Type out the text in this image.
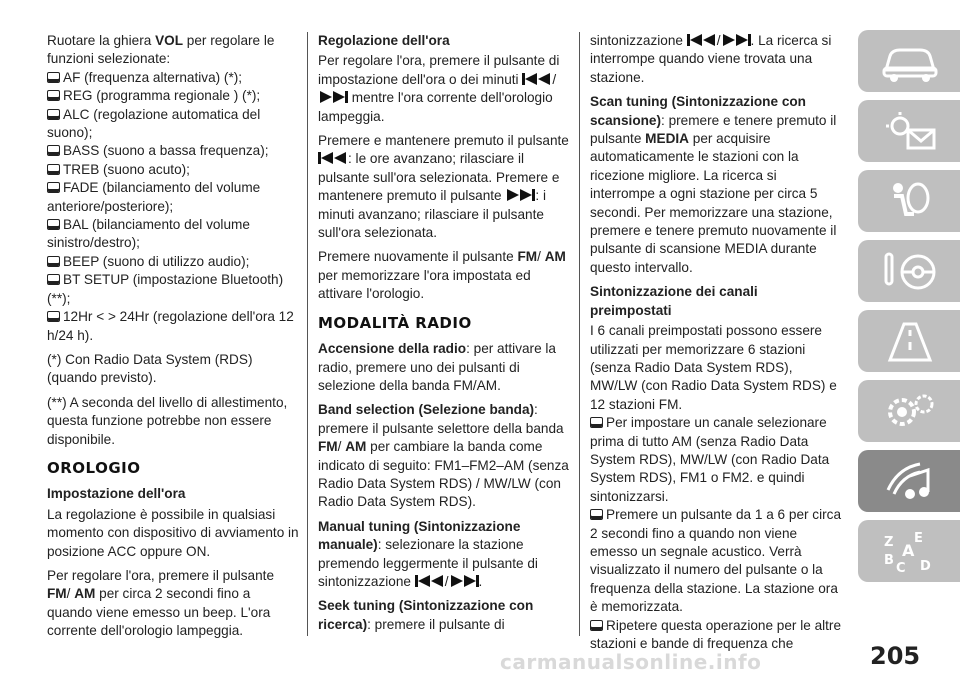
Ruotare la ghiera VOL per regolare le funzioni selezionate:
AF (frequenza alternativa) (*);
REG (programma regionale ) (*);
ALC (regolazione automatica del suono);
BASS (suono a bassa frequenza);
TREB (suono acuto);
FADE (bilanciamento del volume anteriore/posteriore);
BAL (bilanciamento del volume sinistro/destro);
BEEP (suono di utilizzo audio);
BT SETUP (impostazione Bluetooth) (**);
12Hr < > 24Hr (regolazione dell'ora 12 h/24 h).

(*) Con Radio Data System (RDS) (quando previsto).

(**) A seconda del livello di allestimento, questa funzione potrebbe non essere disponibile.

OROLOGIO
Impostazione dell'ora

La regolazione è possibile in qualsiasi momento con dispositivo di avviamento in posizione ACC oppure ON.

Per regolare l'ora, premere il pulsante FM/ AM per circa 2 secondi fino a quando viene emesso un beep. L'ora corrente dell'orologio lampeggia.

Regolazione dell'ora

Per regolare l'ora, premere il pulsante di impostazione dell'ora o dei minuti / mentre l'ora corrente dell'orologio lampeggia.

Premere e mantenere premuto il pulsante : le ore avanzano; rilasciare il pulsante sull'ora selezionata. Premere e mantenere premuto il pulsante : i minuti avanzano; rilasciare il pulsante sull'ora selezionata.

Premere nuovamente il pulsante FM/ AM per memorizzare l'ora impostata ed attivare l'orologio.

MODALITÀ RADIO

Accensione della radio: per attivare la radio, premere uno dei pulsanti di selezione della banda FM/AM.

Band selection (Selezione banda): premere il pulsante selettore della banda FM/ AM per cambiare la banda come indicato di seguito: FM1–FM2–AM (senza Radio Data System RDS) / MW/LW (con Radio Data System RDS).

Manual tuning (Sintonizzazione manuale): selezionare la stazione premendo leggermente il pulsante di sintonizzazione / .

Seek tuning (Sintonizzazione con ricerca): premere il pulsante di

sintonizzazione / . La ricerca si interrompe quando viene trovata una stazione.

Scan tuning (Sintonizzazione con scansione): premere e tenere premuto il pulsante MEDIA per acquisire automaticamente le stazioni con la ricezione migliore. La ricerca si interrompe a ogni stazione per circa 5 secondi. Per memorizzare una stazione, premere e tenere premuto nuovamente il pulsante di scansione MEDIA durante questo intervallo.

Sintonizzazione dei canali preimpostati

I 6 canali preimpostati possono essere utilizzati per memorizzare 6 stazioni (senza Radio Data System RDS), MW/LW (con Radio Data System RDS) e 12 stazioni FM.
Per impostare un canale selezionare prima di tutto AM (senza Radio Data System RDS), MW/LW (con Radio Data System RDS), FM1 o FM2. e quindi sintonizzarsi.
Premere un pulsante da 1 a 6 per circa 2 secondi fino a quando non viene emesso un segnale acustico. Verrà visualizzato il numero del pulsante o la frequenza della stazione. La stazione ora è memorizzata.
Ripetere questa operazione per le altre stazioni e bande di frequenza che

Z E
A
B D
C
205
carmanualsonline.info
